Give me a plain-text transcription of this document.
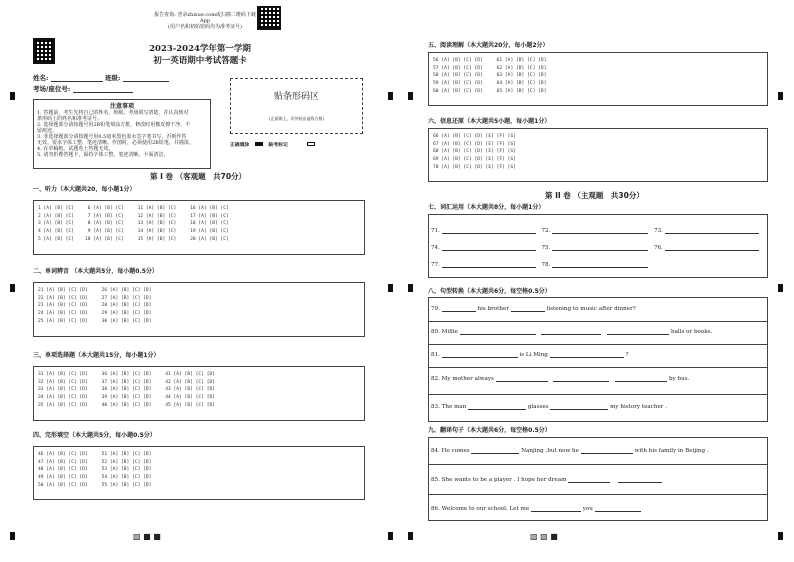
▧ ■ ■	▧ ▧ ■
报告查询: 登录zhixue.com或扫描二维码下载App
(用户名和初始密码均为准考证号)
2023-2024学年第一学期
初一英语期中考试答题卡
姓名:	班级:
考场/座位号:
注意事项
1. 答题前，考生先将自己的姓名、班级、考场填写清楚，并认真核对
条形码上的姓名和准考证号。
2. 选择题部分请按题号用2B铅笔填涂方框，修改时用橡皮擦干净，不
留痕迹。
3. 非选择题部分请按题号用0.5毫米黑色墨水签字笔书写，否则作答
无效。要求字体工整、笔迹清晰。作图时，必须使用2B铅笔，并描浓。
4. 在草稿纸、试题卷上答题无效。
5. 请勿折叠答题卡，保持字体工整、笔迹清晰、卡面清洁。
贴条形码区
(正面朝上，切勿贴出虚线方框)
正确填涂	缺考标记
第 I 卷 （客观题　共70分）
一、听力（本大题共20，每小题1分）
1 [A] [B] [C]     6 [A] [B] [C]     11 [A] [B] [C]     16 [A] [B] [C]
2 [A] [B] [C]     7 [A] [B] [C]     12 [A] [B] [C]     17 [A] [B] [C]
3 [A] [B] [C]     8 [A] [B] [C]     13 [A] [B] [C]     18 [A] [B] [C]
4 [A] [B] [C]     9 [A] [B] [C]     14 [A] [B] [C]     19 [A] [B] [C]
5 [A] [B] [C]    10 [A] [B] [C]     15 [A] [B] [C]     20 [A] [B] [C]
二、单词辨音 （本大题共5分，每小题0.5分）
21 [A] [B] [C] [D]     26 [A] [B] [C] [D]
22 [A] [B] [C] [D]     27 [A] [B] [C] [D]
23 [A] [B] [C] [D]     28 [A] [B] [C] [D]
24 [A] [B] [C] [D]     29 [A] [B] [C] [D]
25 [A] [B] [C] [D]     30 [A] [B] [C] [D]
三、单项选择题（本大题共15分，每小题1分）
31 [A] [B] [C] [D]     36 [A] [B] [C] [D]     41 [A] [B] [C] [D]
32 [A] [B] [C] [D]     37 [A] [B] [C] [D]     42 [A] [B] [C] [D]
33 [A] [B] [C] [D]     38 [A] [B] [C] [D]     43 [A] [B] [C] [D]
34 [A] [B] [C] [D]     39 [A] [B] [C] [D]     44 [A] [B] [C] [D]
35 [A] [B] [C] [D]     40 [A] [B] [C] [D]     45 [A] [B] [C] [D]
四、完形填空（本大题共5分，每小题0.5分）
46 [A] [B] [C] [D]     51 [A] [B] [C] [D]
47 [A] [B] [C] [D]     52 [A] [B] [C] [D]
48 [A] [B] [C] [D]     53 [A] [B] [C] [D]
49 [A] [B] [C] [D]     54 [A] [B] [C] [D]
50 [A] [B] [C] [D]     55 [A] [B] [C] [D]
五、阅读理解（本大题共20分，每小题2分）
56 [A] [B] [C] [D]     61 [A] [B] [C] [D]
57 [A] [B] [C] [D]     62 [A] [B] [C] [D]
58 [A] [B] [C] [D]     63 [A] [B] [C] [D]
59 [A] [B] [C] [D]     64 [A] [B] [C] [D]
60 [A] [B] [C] [D]     65 [A] [B] [C] [D]
六、信息还原（本大题共5小题，每小题1分）
66 [A] [B] [C] [D] [E] [F] [G]
67 [A] [B] [C] [D] [E] [F] [G]
68 [A] [B] [C] [D] [E] [F] [G]
69 [A] [B] [C] [D] [E] [F] [G]
70 [A] [B] [C] [D] [E] [F] [G]
第 II 卷 （主观题　共30分）
七、词汇运用（本大题共8分，每小题1分）
71.	72.	73.
74.	75.	76.
77.	78.
八、句型转换（本大题共6分，每空格0.5分）
79.	his brother	listening to music after dinner?
80. Millie	balls or books.
81.	is Li Ming	?
82. My mother always	by bus.
83. The man	glasses	my history teacher .
九、翻译句子（本大题共6分，每空格0.5分）
84. He comes	Nanjing ,but now he	with his family in Beijing .
85. She wants to be a player . I hope her dream
86. Welcome to our school. Let me	you
